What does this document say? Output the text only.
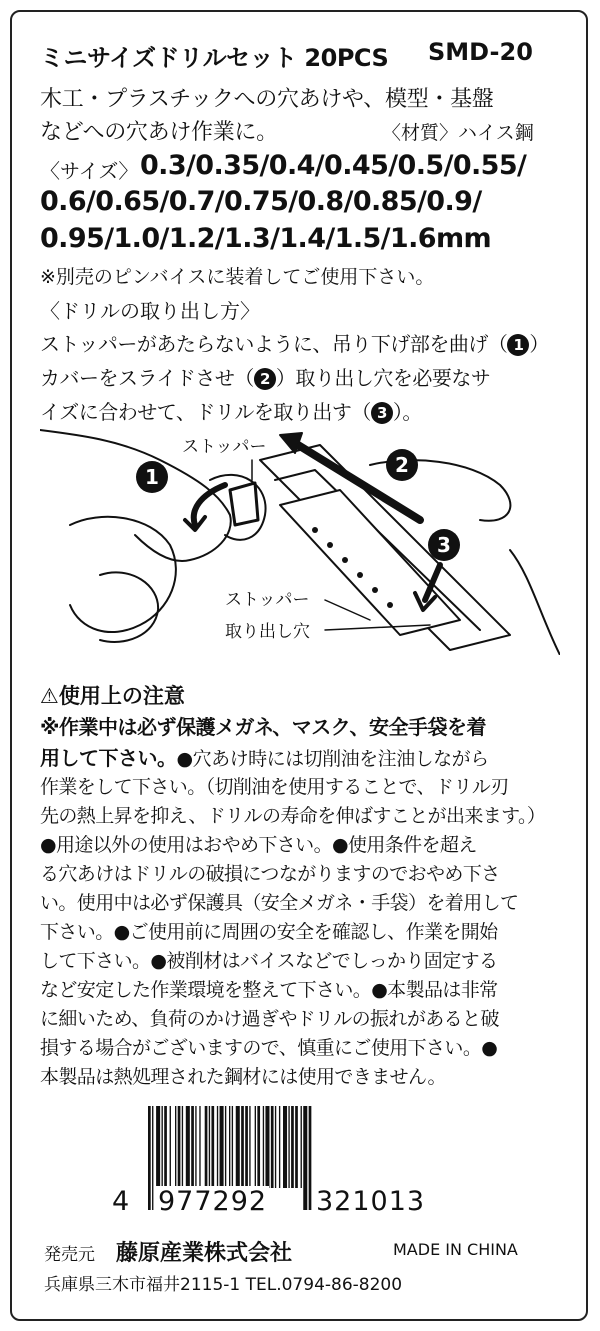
ミニサイズドリルセット 20PCS SMD-20
木工・プラスチックへの穴あけや、模型・基盤
などへの穴あけ作業に。	〈材質〉ハイス鋼
〈サイズ〉 0.3/0.35/0.4/0.45/0.5/0.55/
0.6/0.65/0.7/0.75/0.8/0.85/0.9/
0.95/1.0/1.2/1.3/1.4/1.5/1.6mm
※別売のピンバイスに装着してご使用下さい。
〈ドリルの取り出し方〉
ストッパーがあたらないように、吊り下げ部を曲げ（ 1 ）
カバーをスライドさせ（ 2 ）取り出し穴を必要なサ
イズに合わせて、ドリルを取り出す（ 3 ）。
1	2
3
ストッパー
ストッパー
取り出し穴
⚠使用上の注意
※作業中は必ず保護メガネ、マスク、安全手袋を着
用して下さい。●穴あけ時には切削油を注油しながら
作業をして下さい。（切削油を使用することで、ドリル刃
先の熱上昇を抑え、ドリルの寿命を伸ばすことが出来ます。）
●用途以外の使用はおやめ下さい。●使用条件を超え
る穴あけはドリルの破損につながりますのでおやめ下さ
い。使用中は必ず保護具（安全メガネ・手袋）を着用して
下さい。●ご使用前に周囲の安全を確認し、作業を開始
して下さい。●被削材はバイスなどでしっかり固定する
など安定した作業環境を整えて下さい。●本製品は非常
に細いため、負荷のかけ過ぎやドリルの振れがあると破
損する場合がございますので、慎重にご使用下さい。●
本製品は熱処理された鋼材には使用できません。
4 977292 321013
発売元 藤原産業株式会社	MADE IN CHINA
兵庫県三木市福井2115-1 TEL.0794-86-8200
